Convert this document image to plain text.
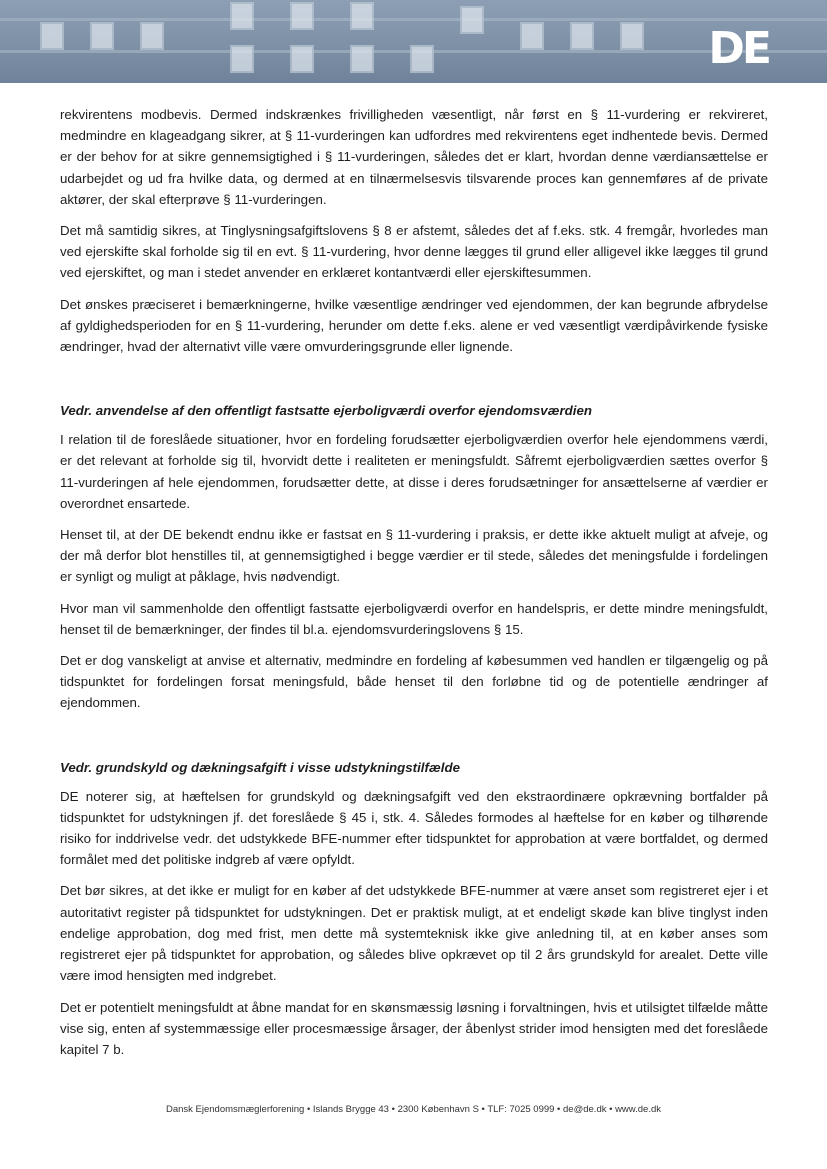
DE

rekvirentens modbevis. Dermed indskrænkes frivilligheden væsentligt, når først en § 11-vurdering er rekvireret, medmindre en klageadgang sikrer, at § 11-vurderingen kan udfordres med rekvirentens eget indhentede bevis. Dermed er der behov for at sikre gennemsigtighed i § 11-vurderingen, således det er klart, hvordan denne værdiansættelse er udarbejdet og ud fra hvilke data, og dermed at en tilnærmelsesvis tilsvarende proces kan gennemføres af de private aktører, der skal efterprøve § 11-vurderingen.

Det må samtidig sikres, at Tinglysningsafgiftslovens § 8 er afstemt, således det af f.eks. stk. 4 fremgår, hvorledes man ved ejerskifte skal forholde sig til en evt. § 11-vurdering, hvor denne lægges til grund eller alligevel ikke lægges til grund ved ejerskiftet, og man i stedet anvender en erklæret kontantværdi eller ejerskiftesummen.

Det ønskes præciseret i bemærkningerne, hvilke væsentlige ændringer ved ejendommen, der kan begrunde afbrydelse af gyldighedsperioden for en § 11-vurdering, herunder om dette f.eks. alene er ved væsentligt værdipåvirkende fysiske ændringer, hvad der alternativt ville være omvurderingsgrunde eller lignende.

Vedr. anvendelse af den offentligt fastsatte ejerboligværdi overfor ejendomsværdien

I relation til de foreslåede situationer, hvor en fordeling forudsætter ejerboligværdien overfor hele ejendommens værdi, er det relevant at forholde sig til, hvorvidt dette i realiteten er meningsfuldt. Såfremt ejerboligværdien sættes overfor § 11-vurderingen af hele ejendommen, forudsætter dette, at disse i deres forudsætninger for ansættelserne af værdier er overordnet ensartede.

Henset til, at der DE bekendt endnu ikke er fastsat en § 11-vurdering i praksis, er dette ikke aktuelt muligt at afveje, og der må derfor blot henstilles til, at gennemsigtighed i begge værdier er til stede, således det meningsfulde i fordelingen er synligt og muligt at påklage, hvis nødvendigt.

Hvor man vil sammenholde den offentligt fastsatte ejerboligværdi overfor en handelspris, er dette mindre meningsfuldt, henset til de bemærkninger, der findes til bl.a. ejendomsvurderingslovens § 15.

Det er dog vanskeligt at anvise et alternativ, medmindre en fordeling af købesummen ved handlen er tilgængelig og på tidspunktet for fordelingen forsat meningsfuld, både henset til den forløbne tid og de potentielle ændringer af ejendommen.

Vedr. grundskyld og dækningsafgift i visse udstykningstilfælde

DE noterer sig, at hæftelsen for grundskyld og dækningsafgift ved den ekstraordinære opkrævning bortfalder på tidspunktet for udstykningen jf. det foreslåede § 45 i, stk. 4. Således formodes al hæftelse for en køber og tilhørende risiko for inddrivelse vedr. det udstykkede BFE-nummer efter tidspunktet for approbation at være bortfaldet, og dermed formålet med det politiske indgreb af være opfyldt.

Det bør sikres, at det ikke er muligt for en køber af det udstykkede BFE-nummer at være anset som registreret ejer i et autoritativt register på tidspunktet for udstykningen. Det er praktisk muligt, at et endeligt skøde kan blive tinglyst inden endelige approbation, dog med frist, men dette må systemteknisk ikke give anledning til, at en køber anses som registreret ejer på tidspunktet for approbation, og således blive opkrævet op til 2 års grundskyld for arealet. Dette ville være imod hensigten med indgrebet.

Det er potentielt meningsfuldt at åbne mandat for en skønsmæssig løsning i forvaltningen, hvis et utilsigtet tilfælde måtte vise sig, enten af systemmæssige eller procesmæssige årsager, der åbenlyst strider imod hensigten med det foreslåede kapitel 7 b.

Dansk Ejendomsmæglerforening • Islands Brygge 43 • 2300 København S • TLF: 7025 0999 • de@de.dk • www.de.dk
